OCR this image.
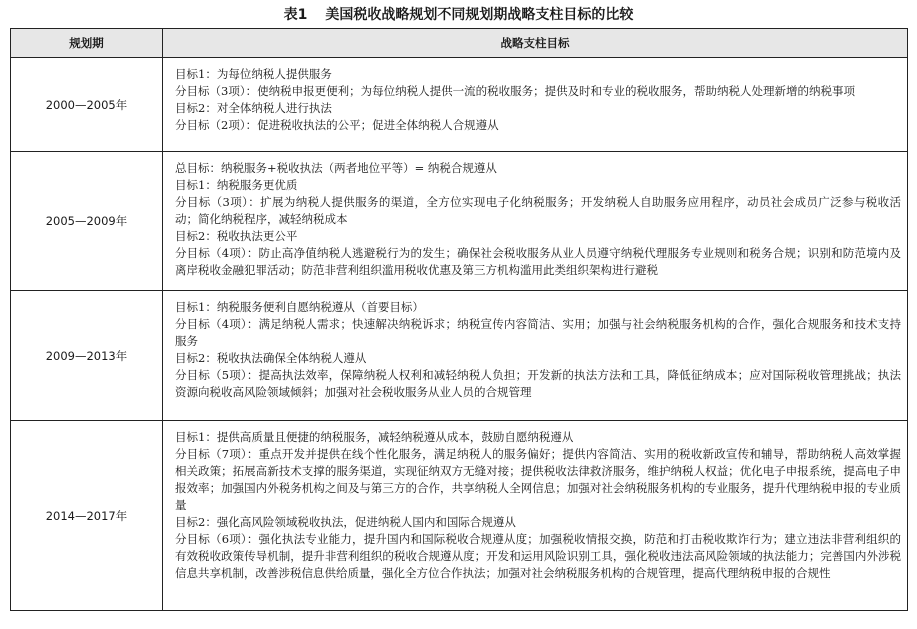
表1 美国税收战略规划不同规划期战略支柱目标的比较
规划期	战略支柱目标
2000—2005年	目标1：为每位纳税人提供服务
分目标（3项）：使纳税申报更便利；为每位纳税人提供一流的税收服务；提供及时和专业的税收服务，帮助纳税人处理新增的纳税事项
目标2：对全体纳税人进行执法
分目标（2项）：促进税收执法的公平；促进全体纳税人合规遵从

2005—2009年	总目标：纳税服务+税收执法（两者地位平等）= 纳税合规遵从
目标1：纳税服务更优质
分目标（3项）：扩展为纳税人提供服务的渠道，全方位实现电子化纳税服务；开发纳税人自助服务应用程序，动员社会成员广泛参与税收活动；简化纳税程序，减轻纳税成本
目标2：税收执法更公平
分目标（4项）：防止高净值纳税人逃避税行为的发生；确保社会税收服务从业人员遵守纳税代理服务专业规则和税务合规；识别和防范境内及离岸税收金融犯罪活动；防范非营利组织滥用税收优惠及第三方机构滥用此类组织架构进行避税

2009—2013年	目标1：纳税服务便利自愿纳税遵从（首要目标）
分目标（4项）：满足纳税人需求；快速解决纳税诉求；纳税宣传内容简洁、实用；加强与社会纳税服务机构的合作，强化合规服务和技术支持服务
目标2：税收执法确保全体纳税人遵从
分目标（5项）：提高执法效率，保障纳税人权利和减轻纳税人负担；开发新的执法方法和工具，降低征纳成本；应对国际税收管理挑战；执法资源向税收高风险领域倾斜；加强对社会税收服务从业人员的合规管理

2014—2017年	目标1：提供高质量且便捷的纳税服务，减轻纳税遵从成本，鼓励自愿纳税遵从
分目标（7项）：重点开发并提供在线个性化服务，满足纳税人的服务偏好；提供内容简洁、实用的税收新政宣传和辅导，帮助纳税人高效掌握相关政策；拓展高新技术支撑的服务渠道，实现征纳双方无缝对接；提供税收法律救济服务，维护纳税人权益；优化电子申报系统，提高电子申报效率；加强国内外税务机构之间及与第三方的合作，共享纳税人全网信息；加强对社会纳税服务机构的专业服务，提升代理纳税申报的专业质量
目标2：强化高风险领域税收执法，促进纳税人国内和国际合规遵从
分目标（6项）：强化执法专业能力，提升国内和国际税收合规遵从度；加强税收情报交换，防范和打击税收欺诈行为；建立违法非营利组织的有效税收政策传导机制，提升非营利组织的税收合规遵从度；开发和运用风险识别工具，强化税收违法高风险领域的执法能力；完善国内外涉税信息共享机制，改善涉税信息供给质量，强化全方位合作执法；加强对社会纳税服务机构的合规管理，提高代理纳税申报的合规性
